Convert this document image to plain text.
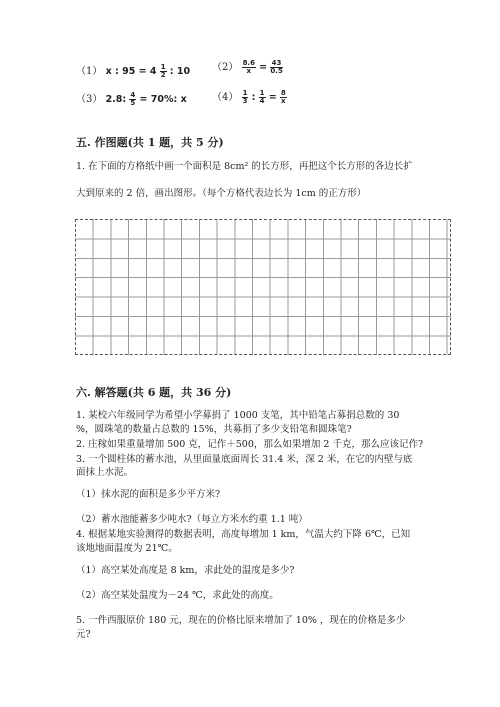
（1） x : $95 = 4 \frac{1}{2}$ : 10 $(2) \frac{8.6}{x} = \frac{43}{0.5}$
（3） 2.8: $\frac{4}{5} = 70\%$: x	$(4) \frac{1}{3}$ : $\frac{1}{4} = \frac{8}{x}$
五. 作图题(共 1 题，共 5 分)
1. 在下面的方格纸中画一个面积是 8cm² 的长方形，再把这个长方形的各边长扩
大到原来的 2 倍，画出图形。（每个方格代表边长为 1cm 的正方形）
六. 解答题(共 6 题，共 36 分)
1. 某校六年级同学为希望小学募捐了 1000 支笔，其中铅笔占募捐总数的 30
%，圆珠笔的数量占总数的 15%，共募捐了多少支铅笔和圆珠笔?
2. 庄稼如果重量增加 500 克，记作＋500，那么如果增加 2 千克，那么应该记作?
3. 一个圆柱体的蓄水池，从里面量底面周长 31.4 米，深 2 米，在它的内壁与底
面抹上水泥。
（1）抹水泥的面积是多少平方米?
（2）蓄水池能蓄多少吨水?（每立方米水约重 1.1 吨）
4. 根据某地实验测得的数据表明，高度每增加 1 km，气温大约下降 6℃，已知
该地地面温度为 21℃。
（1）高空某处高度是 8 km，求此处的温度是多少?
（2）高空某处温度为－24 ℃，求此处的高度。
5. 一件西服原价 180 元，现在的价格比原来增加了 10% ，现在的价格是多少
元?
